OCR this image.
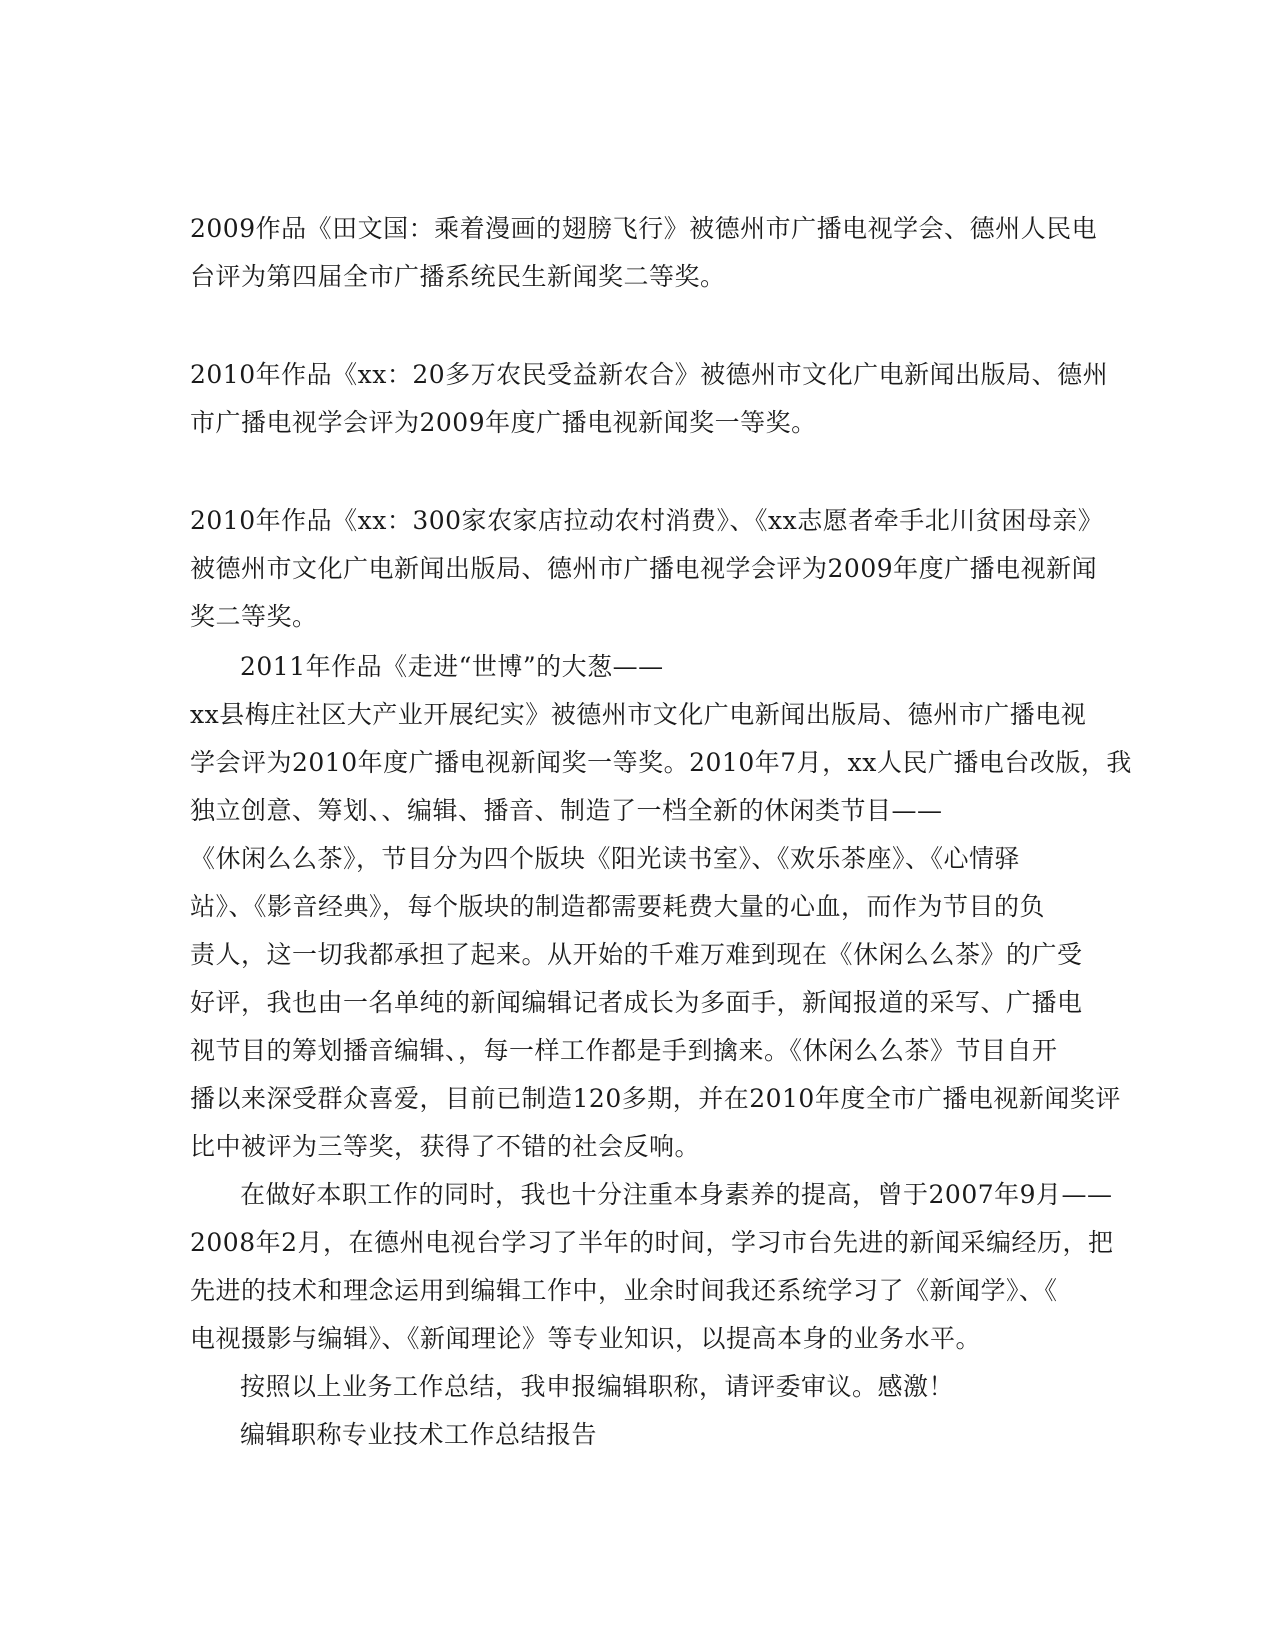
2009作品《田文国：乘着漫画的翅膀飞行》被德州市广播电视学会、德州人民电
台评为第四届全市广播系统民生新闻奖二等奖。
2010年作品《xx：20多万农民受益新农合》被德州市文化广电新闻出版局、德州
市广播电视学会评为2009年度广播电视新闻奖一等奖。
2010年作品《xx：300家农家店拉动农村消费》、《xx志愿者牵手北川贫困母亲》
被德州市文化广电新闻出版局、德州市广播电视学会评为2009年度广播电视新闻
奖二等奖。
2011年作品《走进“世博”的大葱——
xx县梅庄社区大产业开展纪实》被德州市文化广电新闻出版局、德州市广播电视
学会评为2010年度广播电视新闻奖一等奖。2010年7月，xx人民广播电台改版，我
独立创意、筹划、、编辑、播音、制造了一档全新的休闲类节目——
《休闲么么茶》，节目分为四个版块《阳光读书室》、《欢乐茶座》、《心情驿
站》、《影音经典》，每个版块的制造都需要耗费大量的心血，而作为节目的负
责人，这一切我都承担了起来。从开始的千难万难到现在《休闲么么茶》的广受
好评，我也由一名单纯的新闻编辑记者成长为多面手，新闻报道的采写、广播电
视节目的筹划播音编辑、，每一样工作都是手到擒来。《休闲么么茶》节目自开
播以来深受群众喜爱，目前已制造120多期，并在2010年度全市广播电视新闻奖评
比中被评为三等奖，获得了不错的社会反响。
在做好本职工作的同时，我也十分注重本身素养的提高，曾于2007年9月——
2008年2月，在德州电视台学习了半年的时间，学习市台先进的新闻采编经历，把
先进的技术和理念运用到编辑工作中，业余时间我还系统学习了《新闻学》、《
电视摄影与编辑》、《新闻理论》等专业知识，以提高本身的业务水平。
按照以上业务工作总结，我申报编辑职称，请评委审议。感激！
编辑职称专业技术工作总结报告
